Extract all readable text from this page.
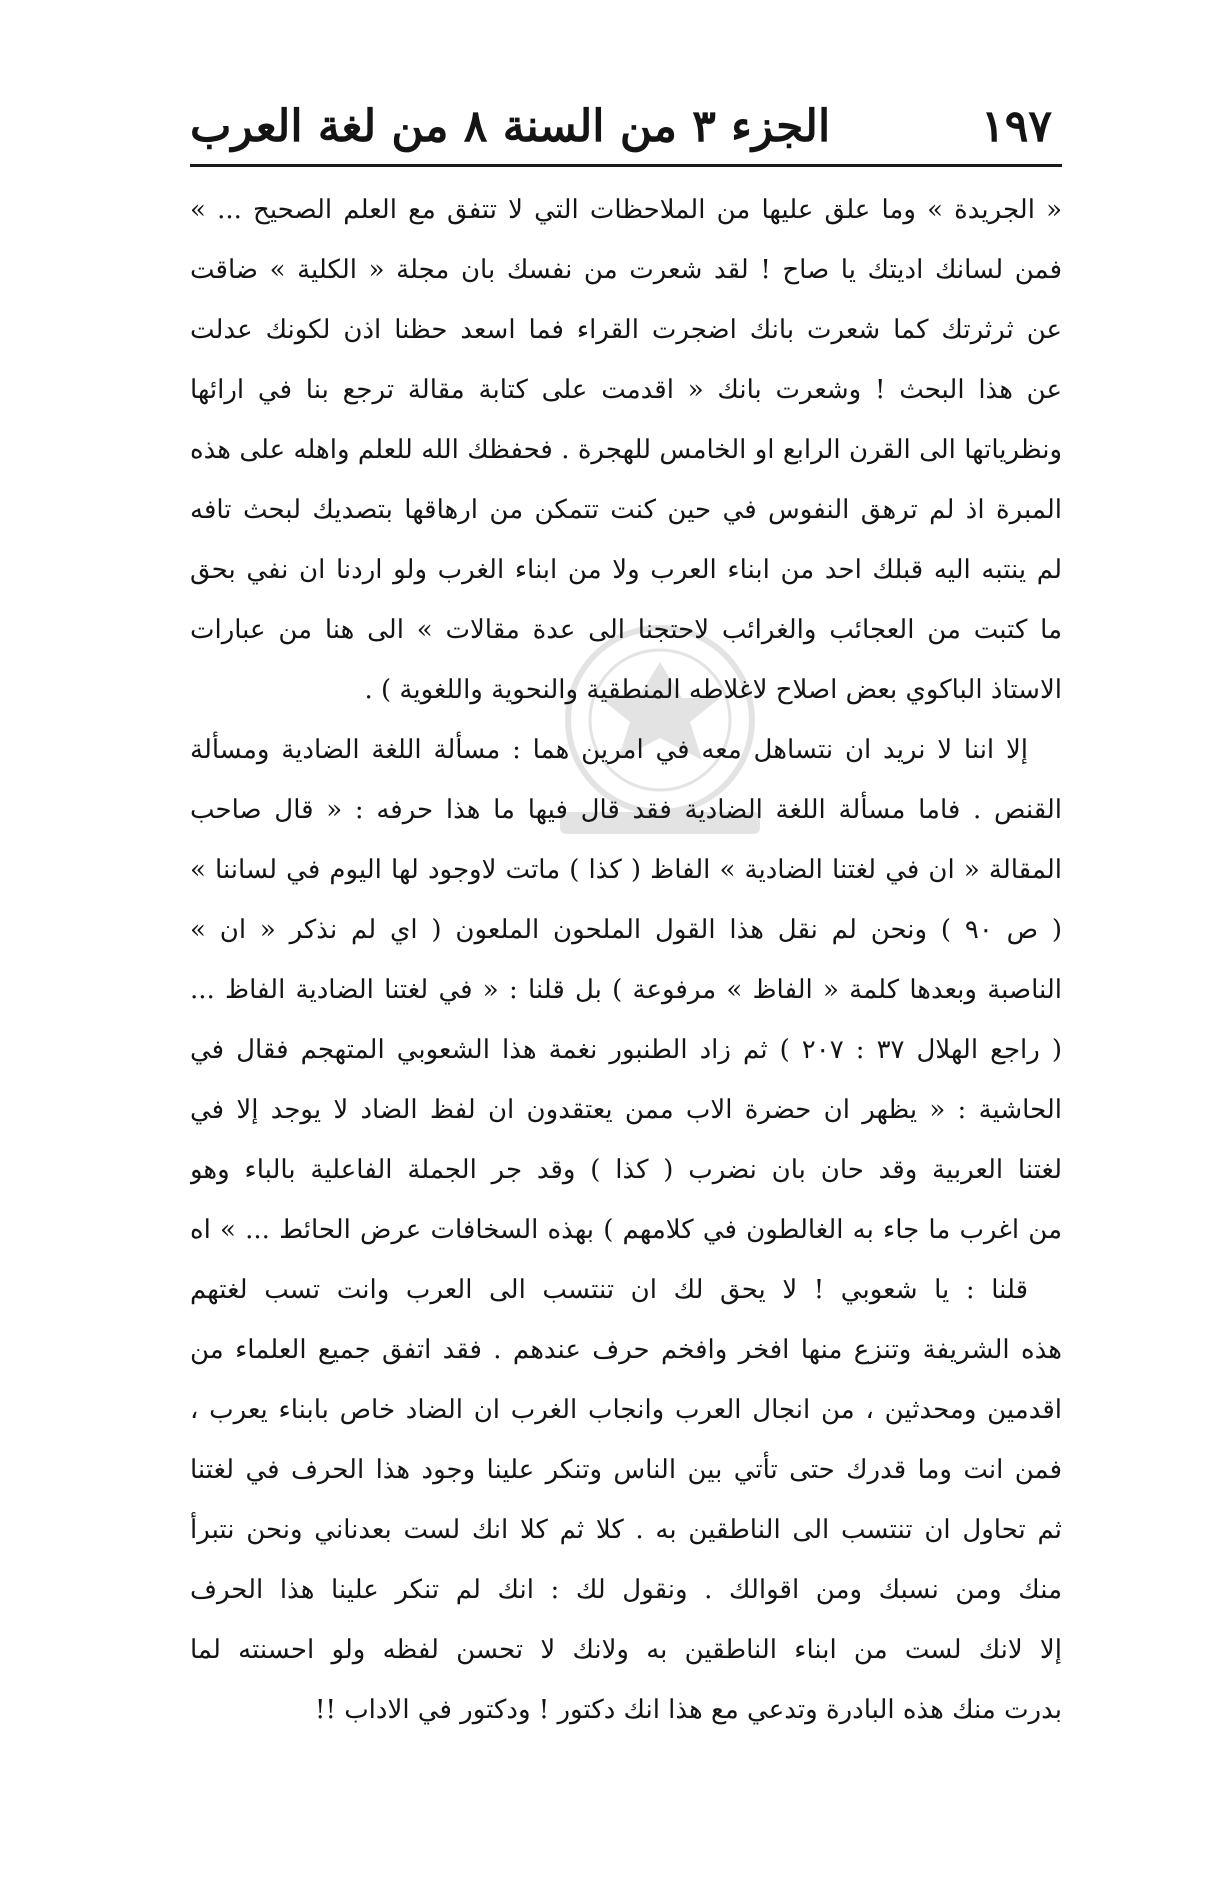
١٩٧
الجزء ٣ من السنة ٨ من لغة العرب
« الجريدة » وما علق عليها من الملاحظات التي لا تتفق مع العلم الصحيح ... »
فمن لسانك اديتك يا صاح ! لقد شعرت من نفسك بان مجلة « الكلية » ضاقت
عن ثرثرتك كما شعرت بانك اضجرت القراء فما اسعد حظنا اذن لكونك عدلت
عن هذا البحث ! وشعرت بانك « اقدمت على كتابة مقالة ترجع بنا في ارائها
ونظرياتها الى القرن الرابع او الخامس للهجرة . فحفظك الله للعلم واهله على هذه
المبرة اذ لم ترهق النفوس في حين كنت تتمكن من ارهاقها بتصديك لبحث تافه
لم ينتبه اليه قبلك احد من ابناء العرب ولا من ابناء الغرب ولو اردنا ان نفي بحق
ما كتبت من العجائب والغرائب لاحتجنا الى عدة مقالات » الى هنا من عبارات
الاستاذ الباكوي بعض اصلاح لاغلاطه المنطقية والنحوية واللغوية ) .
إلا اننا لا نريد ان نتساهل معه في امرين هما : مسألة اللغة الضادية ومسألة
القنص . فاما مسألة اللغة الضادية فقد قال فيها ما هذا حرفه : « قال صاحب
المقالة « ان في لغتنا الضادية » الفاظ ( كذا ) ماتت لاوجود لها اليوم في لساننا »
( ص ٩٠ ) ونحن لم نقل هذا القول الملحون الملعون ( اي لم نذكر « ان »
الناصبة وبعدها كلمة « الفاظ » مرفوعة ) بل قلنا : « في لغتنا الضادية الفاظ ...
( راجع الهلال ٣٧ : ٢٠٧ ) ثم زاد الطنبور نغمة هذا الشعوبي المتهجم فقال في
الحاشية : « يظهر ان حضرة الاب ممن يعتقدون ان لفظ الضاد لا يوجد إلا في
لغتنا العربية وقد حان بان نضرب ( كذا ) وقد جر الجملة الفاعلية بالباء وهو
من اغرب ما جاء به الغالطون في كلامهم ) بهذه السخافات عرض الحائط ... » اه
قلنا : يا شعوبي ! لا يحق لك ان تنتسب الى العرب وانت تسب لغتهم
هذه الشريفة وتنزع منها افخر وافخم حرف عندهم . فقد اتفق جميع العلماء من
اقدمين ومحدثين ، من انجال العرب وانجاب الغرب ان الضاد خاص بابناء يعرب ،
فمن انت وما قدرك حتى تأتي بين الناس وتنكر علينا وجود هذا الحرف في لغتنا
ثم تحاول ان تنتسب الى الناطقين به . كلا ثم كلا انك لست بعدناني ونحن نتبرأ
منك ومن نسبك ومن اقوالك . ونقول لك : انك لم تنكر علينا هذا الحرف
إلا لانك لست من ابناء الناطقين به ولانك لا تحسن لفظه ولو احسنته لما
بدرت منك هذه البادرة وتدعي مع هذا انك دكتور ! ودكتور في الاداب !!
